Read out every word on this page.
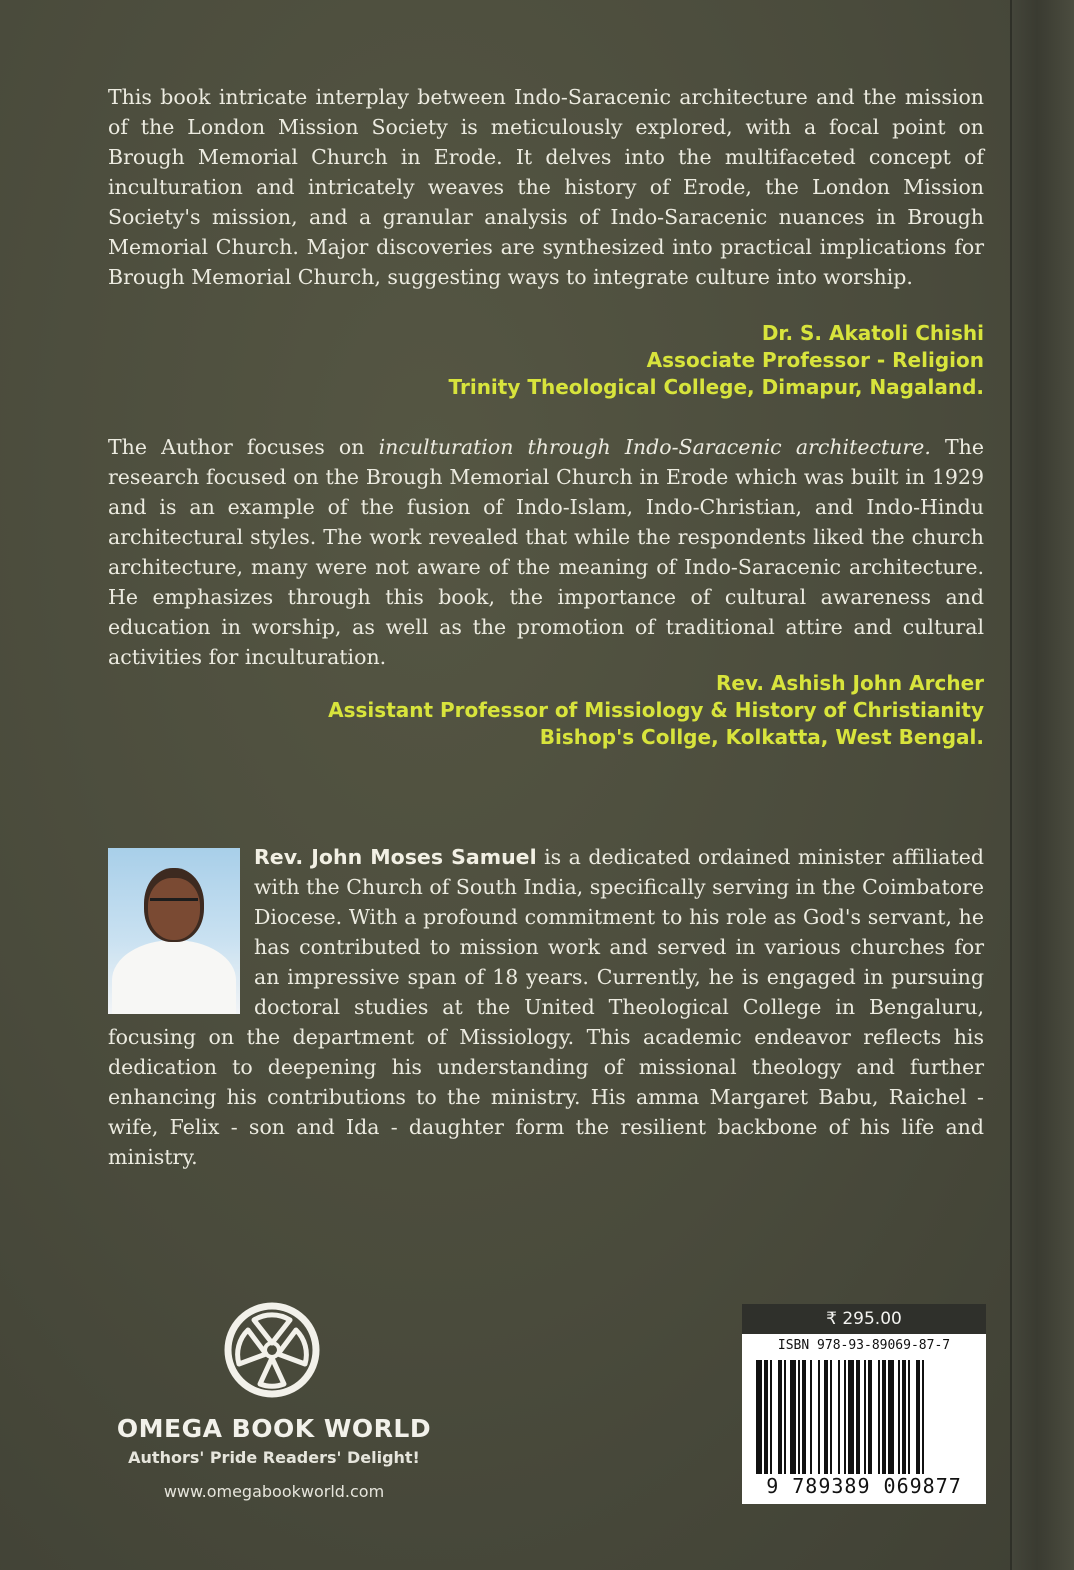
This book intricate interplay between Indo-Saracenic architecture and the mission of the London Mission Society is meticulously explored, with a focal point on Brough Memorial Church in Erode. It delves into the multifaceted concept of inculturation and intricately weaves the history of Erode, the London Mission Society's mission, and a granular analysis of Indo-Saracenic nuances in Brough Memorial Church. Major discoveries are synthesized into practical implications for Brough Memorial Church, suggesting ways to integrate culture into worship.

Dr. S. Akatoli Chishi
Associate Professor - Religion
Trinity Theological College, Dimapur, Nagaland.

The Author focuses on inculturation through Indo-Saracenic architecture. The research focused on the Brough Memorial Church in Erode which was built in 1929 and is an example of the fusion of Indo-Islam, Indo-Christian, and Indo-Hindu architectural styles. The work revealed that while the respondents liked the church architecture, many were not aware of the meaning of Indo-Saracenic architecture. He emphasizes through this book, the importance of cultural awareness and education in worship, as well as the promotion of traditional attire and cultural activities for inculturation.

Rev. Ashish John Archer
Assistant Professor of Missiology & History of Christianity
Bishop's Collge, Kolkatta, West Bengal.

Rev. John Moses Samuel is a dedicated ordained minister affiliated with the Church of South India, specifically serving in the Coimbatore Diocese. With a profound commitment to his role as God's servant, he has contributed to mission work and served in various churches for an impressive span of 18 years. Currently, he is engaged in pursuing doctoral studies at the United Theological College in Bengaluru, focusing on the department of Missiology. This academic endeavor reflects his dedication to deepening his understanding of missional theology and further enhancing his contributions to the ministry. His amma Margaret Babu, Raichel - wife, Felix - son and Ida - daughter form the resilient backbone of his life and ministry.

OMEGA BOOK WORLD
Authors' Pride Readers' Delight!
www.omegabookworld.com
₹ 295.00
ISBN 978-93-89069-87-7
9 789389 069877
